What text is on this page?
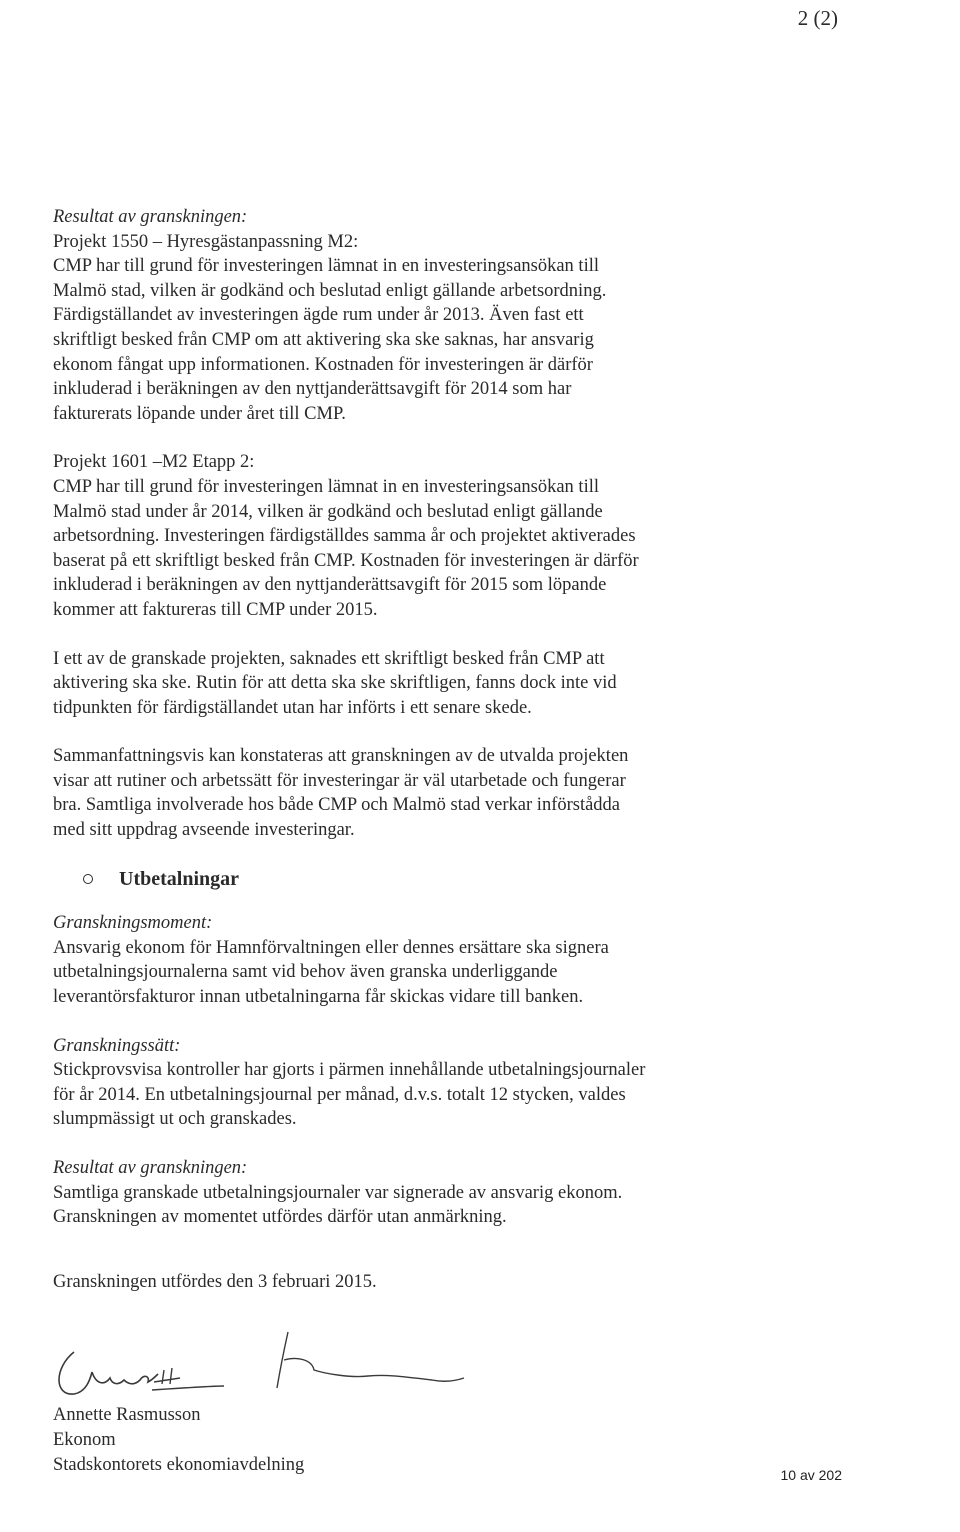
2 (2)

Resultat av granskningen:

Projekt 1550 – Hyresgästanpassning M2:

CMP har till grund för investeringen lämnat in en investeringsansökan till

Malmö stad, vilken är godkänd och beslutad enligt gällande arbetsordning.

Färdigställandet av investeringen ägde rum under år 2013. Även fast ett

skriftligt besked från CMP om att aktivering ska ske saknas, har ansvarig

ekonom fångat upp informationen. Kostnaden för investeringen är därför

inkluderad i beräkningen av den nyttjanderättsavgift för 2014 som har

fakturerats löpande under året till CMP.

Projekt 1601 –M2 Etapp 2:

CMP har till grund för investeringen lämnat in en investeringsansökan till

Malmö stad under år 2014, vilken är godkänd och beslutad enligt gällande

arbetsordning. Investeringen färdigställdes samma år och projektet aktiverades

baserat på ett skriftligt besked från CMP. Kostnaden för investeringen är därför

inkluderad i beräkningen av den nyttjanderättsavgift för 2015 som löpande

kommer att faktureras till CMP under 2015.

I ett av de granskade projekten, saknades ett skriftligt besked från CMP att

aktivering ska ske. Rutin för att detta ska ske skriftligen, fanns dock inte vid

tidpunkten för färdigställandet utan har införts i ett senare skede.

Sammanfattningsvis kan konstateras att granskningen av de utvalda projekten

visar att rutiner och arbetssätt för investeringar är väl utarbetade och fungerar

bra. Samtliga involverade hos både CMP och Malmö stad verkar införstådda

med sitt uppdrag avseende investeringar.

Utbetalningar

Granskningsmoment:

Ansvarig ekonom för Hamnförvaltningen eller dennes ersättare ska signera

utbetalningsjournalerna samt vid behov även granska underliggande

leverantörsfakturor innan utbetalningarna får skickas vidare till banken.

Granskningssätt:

Stickprovsvisa kontroller har gjorts i pärmen innehållande utbetalningsjournaler

för år 2014. En utbetalningsjournal per månad, d.v.s. totalt 12 stycken, valdes

slumpmässigt ut och granskades.

Resultat av granskningen:

Samtliga granskade utbetalningsjournaler var signerade av ansvarig ekonom.

Granskningen av momentet utfördes därför utan anmärkning.

Granskningen utfördes den 3 februari 2015.

Annette Rasmusson

Ekonom

Stadskontorets ekonomiavdelning	10 av 202
